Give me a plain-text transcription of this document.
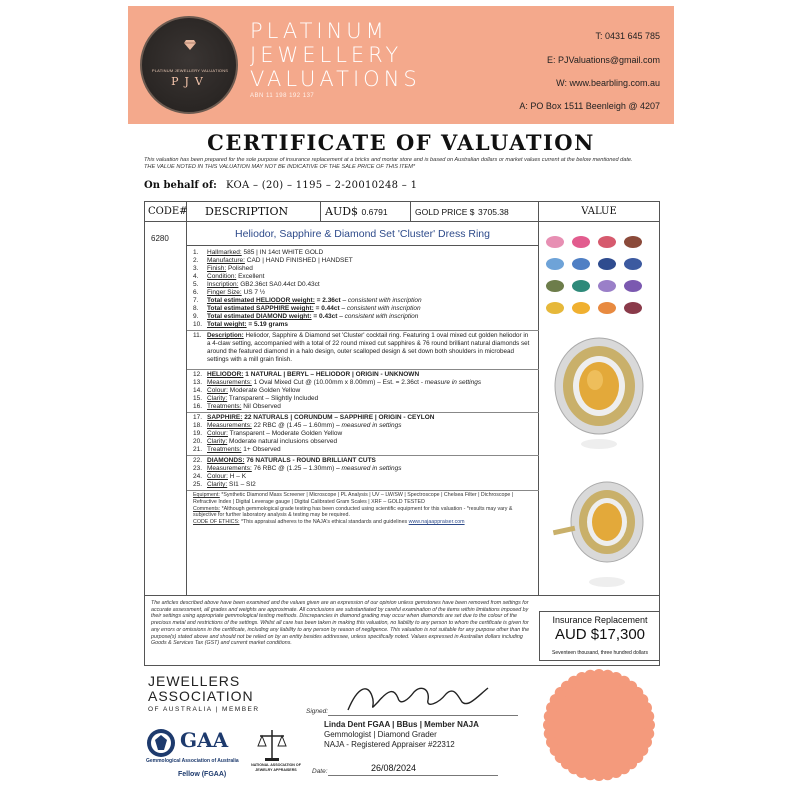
PLATINUM JEWELLERY VALUATIONS
PJV
PLATINUM
JEWELLERY
VALUATIONS
ABN 11 198 192 137
T: 0431 645 785
E: PJValuations@gmail.com
W: www.bearbling.com.au
A: PO Box 1511 Beenleigh @ 4207
CERTIFICATE OF VALUATION
This valuation has been prepared for the sole purpose of insurance replacement at a bricks and mortar store and is based on Australian dollars or market values current at the below mentioned date.
THE VALUE NOTED IN THIS VALUATION MAY NOT BE INDICATIVE OF THE SALE PRICE OF THIS ITEM*
On behalf of: KOA – (20) – 1195 – 2-20010248 – 1
CODE#	DESCRIPTION	AUD$ 0.6791	GOLD PRICE $ 3705.38	VALUE
6280	Heliodor, Sapphire & Diamond Set 'Cluster' Dress Ring
1. Hallmarked: 585 | IN 14ct WHITE GOLD
2. Manufacture: CAD | HAND FINISHED | HANDSET
3. Finish: Polished
4. Condition: Excellent
5. Inscription: GB2.36ct SA0.44ct D0.43ct
6. Finger Size: US 7 ½
7. Total estimated HELIODOR weight: = 2.36ct – consistent with inscription
8. Total estimated SAPPHIRE weight: = 0.44ct – consistent with inscription
9. Total estimated DIAMOND weight: = 0.43ct – consistent with inscription
10. Total weight: = 5.19 grams
11. Description: Heliodor, Sapphire & Diamond set 'Cluster' cocktail ring. Featuring 1 oval mixed cut golden heliodor in a 4-claw setting, accompanied with a total of 22 round mixed cut sapphires & 76 round brilliant natural diamonds set around the featured diamond in a halo design, outer scalloped design & set down both shoulders in microbead settings with a mill grain finish.
12. HELIODOR: 1 NATURAL | BERYL – HELIODOR | ORIGIN - UNKNOWN
13. Measurements: 1 Oval Mixed Cut @ (10.00mm x 8.00mm) – Est. = 2.36ct - measure in settings
14. Colour: Moderate Golden Yellow
15. Clarity: Transparent – Slightly Included
16. Treatments: Nil Observed
17. SAPPHIRE: 22 NATURALS | CORUNDUM – SAPPHIRE | ORIGIN - CEYLON
18. Measurements: 22 RBC @ (1.45 – 1.60mm) – measured in settings
19. Colour: Transparent – Moderate Golden Yellow
20. Clarity: Moderate natural inclusions observed
21. Treatments: 1+ Observed
22. DIAMONDS: 76 NATURALS - ROUND BRILLIANT CUTS
23. Measurements: 76 RBC @ (1.25 – 1.30mm) – measured in settings
24. Colour: H – K
25. Clarity: SI1 – SI2
Equipment: *Synthetic Diamond Mass Screener | Microscope | PL Analysis | UV – LW/SW | Spectroscope | Chelsea Filter | Dichroscope | Refractive Index | Digital Leverage gauge | Digital Calibrated Gram Scales | XRF – GOLD TESTED
Comments: *Although gemmological grade testing has been conducted using scientific equipment for this valuation - *results may vary & subjective for further laboratory analysis & testing may be required.
CODE OF ETHICS: *This appraisal adheres to the NAJA's ethical standards and guidelines www.najaappraiser.com
The articles described above have been examined and the values given are an expression of our opinion unless gemstones have been removed from settings for accurate assessment, all grades and weights are approximate. All conclusions are substantiated by careful examination of the items within limitations imposed by their settings using appropriate gemmological testing methods. Discrepancies in diamond grading may occur when diamonds are set due to the colour of the precious metal and restrictions of the settings. Whilst all care has been taken in making this valuation, no liability to any person to whom the certificate is given for any errors or omissions in the certificate, including any liability to any person by reason of negligence. This valuation is not suitable for any purpose other than the purpose(s) stated above and should not be relied on by an entity besides addressee, unless specifically noted. Values expressed in Australian dollars including Goods & Services Tax (GST) and current market conditions.
Insurance Replacement
AUD $17,300
Seventeen thousand, three hundred dollars
JEWELLERS
ASSOCIATION
OF AUSTRALIA | MEMBER
GAA
Gemmological Association of Australia
Fellow (FGAA)
NATIONAL ASSOCIATION OF JEWELRY APPRAISERS
Signed:
Linda Dent FGAA | BBus | Member NAJA
Gemmologist | Diamond Grader
NAJA - Registered Appraiser #22312
Date:	26/08/2024
